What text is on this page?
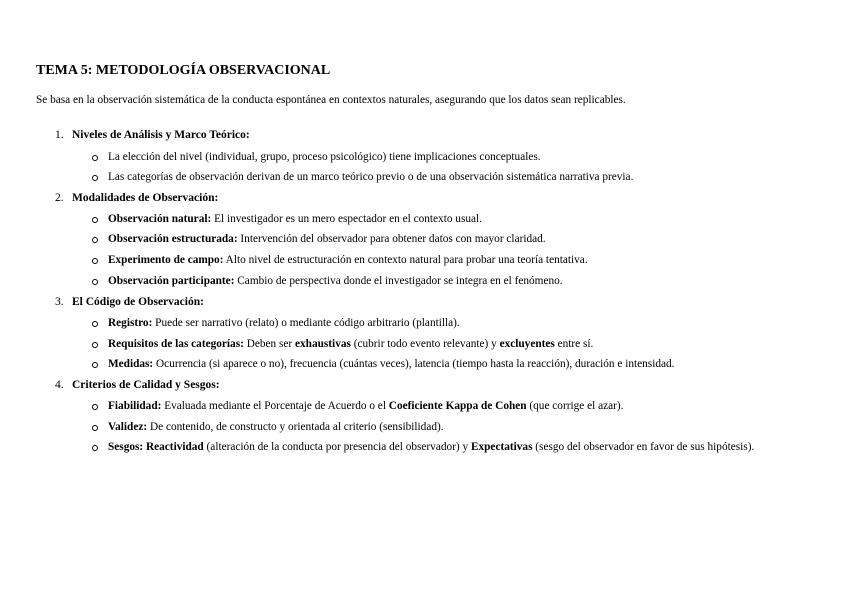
TEMA 5: METODOLOGÍA OBSERVACIONAL
Se basa en la observación sistemática de la conducta espontánea en contextos naturales, asegurando que los datos sean replicables.
1. Niveles de Análisis y Marco Teórico:
La elección del nivel (individual, grupo, proceso psicológico) tiene implicaciones conceptuales.
Las categorías de observación derivan de un marco teórico previo o de una observación sistemática narrativa previa.
2. Modalidades de Observación:
Observación natural: El investigador es un mero espectador en el contexto usual.
Observación estructurada: Intervención del observador para obtener datos con mayor claridad.
Experimento de campo: Alto nivel de estructuración en contexto natural para probar una teoría tentativa.
Observación participante: Cambio de perspectiva donde el investigador se integra en el fenómeno.
3. El Código de Observación:
Registro: Puede ser narrativo (relato) o mediante código arbitrario (plantilla).
Requisitos de las categorías: Deben ser exhaustivas (cubrir todo evento relevante) y excluyentes entre sí.
Medidas: Ocurrencia (si aparece o no), frecuencia (cuántas veces), latencia (tiempo hasta la reacción), duración e intensidad.
4. Criterios de Calidad y Sesgos:
Fiabilidad: Evaluada mediante el Porcentaje de Acuerdo o el Coeficiente Kappa de Cohen (que corrige el azar).
Validez: De contenido, de constructo y orientada al criterio (sensibilidad).
Sesgos: Reactividad (alteración de la conducta por presencia del observador) y Expectativas (sesgo del observador en favor de sus hipótesis).
